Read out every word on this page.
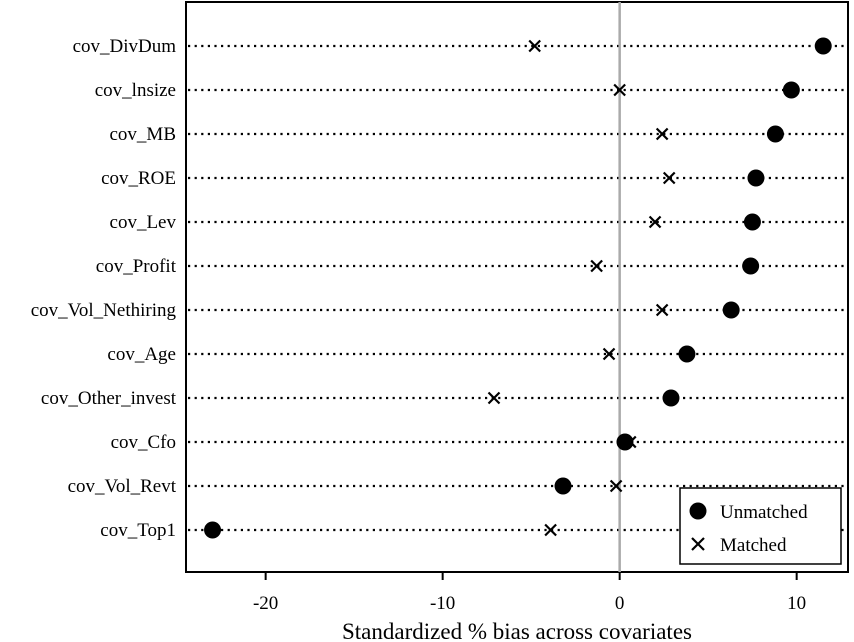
cov_DivDum
cov_lnsize
cov_MB
cov_ROE
cov_Lev
cov_Profit
cov_Vol_Nethiring
cov_Age
cov_Other_invest
cov_Cfo
cov_Vol_Revt
cov_Top1
-20	-10	0	10
Standardized % bias across covariates
Unmatched
Matched
